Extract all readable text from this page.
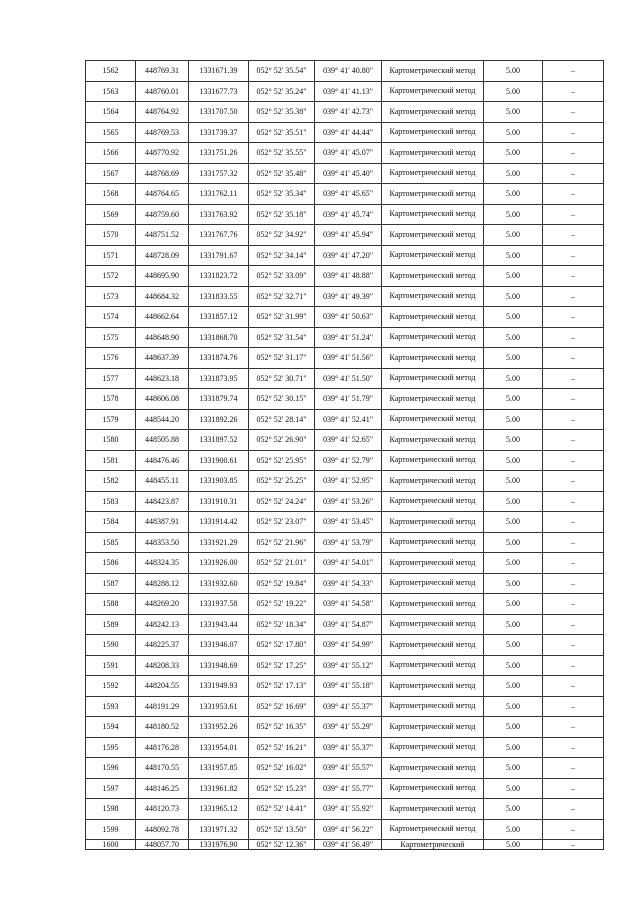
1562	448769.31	1331671.39	052° 52' 35.54"	039° 41' 40.80"	Картометрический метод	5.00	–
1563	448760.01	1331677.73	052° 52' 35.24"	039° 41' 41.13"	Картометрический метод	5.00	–
1564	448764.92	1331707.50	052° 52' 35.38"	039° 41' 42.73"	Картометрический метод	5.00	–
1565	448769.53	1331739.37	052° 52' 35.51"	039° 41' 44.44"	Картометрический метод	5.00	–
1566	448770.92	1331751.26	052° 52' 35.55"	039° 41' 45.07"	Картометрический метод	5.00	–
1567	448768.69	1331757.32	052° 52' 35.48"	039° 41' 45.40"	Картометрический метод	5.00	–
1568	448764.65	1331762.11	052° 52' 35.34"	039° 41' 45.65"	Картометрический метод	5.00	–
1569	448759.60	1331763.92	052° 52' 35.18"	039° 41' 45.74"	Картометрический метод	5.00	–
1570	448751.52	1331767.76	052° 52' 34.92"	039° 41' 45.94"	Картометрический метод	5.00	–
1571	448728.09	1331791.67	052° 52' 34.14"	039° 41' 47.20"	Картометрический метод	5.00	–
1572	448695.90	1331823.72	052° 52' 33.09"	039° 41' 48.88"	Картометрический метод	5.00	–
1573	448684.32	1331833.55	052° 52' 32.71"	039° 41' 49.39"	Картометрический метод	5.00	–
1574	448662.64	1331857.12	052° 52' 31.99"	039° 41' 50.63"	Картометрический метод	5.00	–
1575	448648.90	1331868.70	052° 52' 31.54"	039° 41' 51.24"	Картометрический метод	5.00	–
1576	448637.39	1331874.76	052° 52' 31.17"	039° 41' 51.56"	Картометрический метод	5.00	–
1577	448623.18	1331873.95	052° 52' 30.71"	039° 41' 51.50"	Картометрический метод	5.00	–
1578	448606.08	1331879.74	052° 52' 30.15"	039° 41' 51.79"	Картометрический метод	5.00	–
1579	448544.20	1331892.26	052° 52' 28.14"	039° 41' 52.41"	Картометрический метод	5.00	–
1580	448505.88	1331897.52	052° 52' 26.90"	039° 41' 52.65"	Картометрический метод	5.00	–
1581	448476.46	1331900.61	052° 52' 25.95"	039° 41' 52.79"	Картометрический метод	5.00	–
1582	448455.11	1331903.85	052° 52' 25.25"	039° 41' 52.95"	Картометрический метод	5.00	–
1583	448423.87	1331910.31	052° 52' 24.24"	039° 41' 53.26"	Картометрический метод	5.00	–
1584	448387.91	1331914.42	052° 52' 23.07"	039° 41' 53.45"	Картометрический метод	5.00	–
1585	448353.50	1331921.29	052° 52' 21.96"	039° 41' 53.79"	Картометрический метод	5.00	–
1586	448324.35	1331926.00	052° 52' 21.01"	039° 41' 54.01"	Картометрический метод	5.00	–
1587	448288.12	1331932.60	052° 52' 19.84"	039° 41' 54.33"	Картометрический метод	5.00	–
1588	448269.20	1331937.58	052° 52' 19.22"	039° 41' 54.58"	Картометрический метод	5.00	–
1589	448242.13	1331943.44	052° 52' 18.34"	039° 41' 54.87"	Картометрический метод	5.00	–
1590	448225.37	1331946.07	052° 52' 17.80"	039° 41' 54.99"	Картометрический метод	5.00	–
1591	448208.33	1331948.69	052° 52' 17.25"	039° 41' 55.12"	Картометрический метод	5.00	–
1592	448204.55	1331949.93	052° 52' 17.13"	039° 41' 55.18"	Картометрический метод	5.00	–
1593	448191.29	1331953.61	052° 52' 16.69"	039° 41' 55.37"	Картометрический метод	5.00	–
1594	448180.52	1331952.26	052° 52' 16.35"	039° 41' 55.29"	Картометрический метод	5.00	–
1595	448176.28	1331954.01	052° 52' 16.21"	039° 41' 55.37"	Картометрический метод	5.00	–
1596	448170.55	1331957.85	052° 52' 16.02"	039° 41' 55.57"	Картометрический метод	5.00	–
1597	448146.25	1331961.82	052° 52' 15.23"	039° 41' 55.77"	Картометрический метод	5.00	–
1598	448120.73	1331965.12	052° 52' 14.41"	039° 41' 55.92"	Картометрический метод	5.00	–
1599	448092.78	1331971.32	052° 52' 13.50"	039° 41' 56.22"	Картометрический метод	5.00	–
1600	448057.70	1331976.90	052° 52' 12.36"	039° 41' 56.49"	Картометрический	5.00	–
